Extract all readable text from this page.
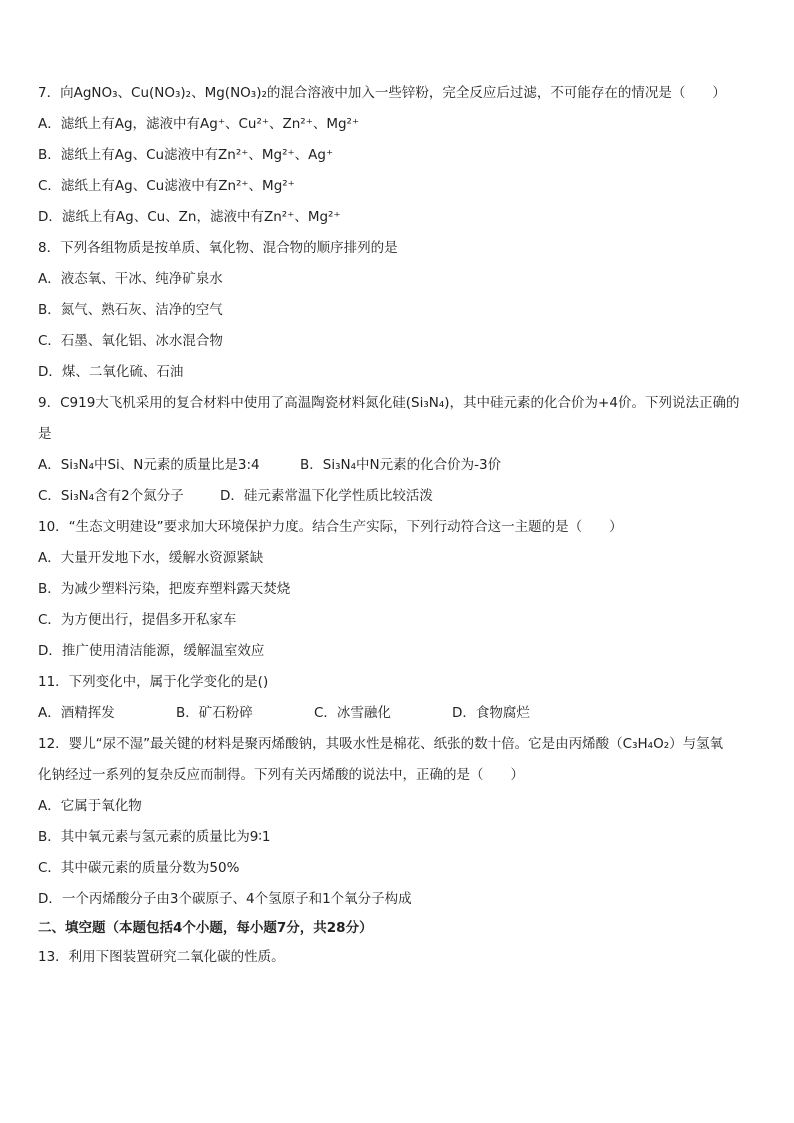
7．向AgNO₃、Cu(NO₃)₂、Mg(NO₃)₂的混合溶液中加入一些锌粉，完全反应后过滤，不可能存在的情况是（　　）
A．滤纸上有Ag，滤液中有Ag⁺、Cu²⁺、Zn²⁺、Mg²⁺
B．滤纸上有Ag、Cu滤液中有Zn²⁺、Mg²⁺、Ag⁺
C．滤纸上有Ag、Cu滤液中有Zn²⁺、Mg²⁺
D．滤纸上有Ag、Cu、Zn，滤液中有Zn²⁺、Mg²⁺
8．下列各组物质是按单质、氧化物、混合物的顺序排列的是
A．液态氧、干冰、纯净矿泉水
B．氮气、熟石灰、洁净的空气
C．石墨、氧化铝、冰水混合物
D．煤、二氧化硫、石油
9．C919大飞机采用的复合材料中使用了高温陶瓷材料氮化硅(Si₃N₄)，其中硅元素的化合价为+4价。下列说法正确的
是
A．Si₃N₄中Si、N元素的质量比是3:4	B．Si₃N₄中N元素的化合价为-3价
C．Si₃N₄含有2个氮分子	D．硅元素常温下化学性质比较活泼
10．“生态文明建设”要求加大环境保护力度。结合生产实际，下列行动符合这一主题的是（　　）
A．大量开发地下水，缓解水资源紧缺
B．为减少塑料污染，把废弃塑料露天焚烧
C．为方便出行，提倡多开私家车
D．推广使用清洁能源，缓解温室效应
11．下列变化中，属于化学变化的是()
A．酒精挥发	B．矿石粉碎	C．冰雪融化	D．食物腐烂
12．婴儿“尿不湿”最关键的材料是聚丙烯酸钠，其吸水性是棉花、纸张的数十倍。它是由丙烯酸（C₃H₄O₂）与氢氧
化钠经过一系列的复杂反应而制得。下列有关丙烯酸的说法中，正确的是（　　）
A．它属于氧化物
B．其中氧元素与氢元素的质量比为9∶1
C．其中碳元素的质量分数为50%
D．一个丙烯酸分子由3个碳原子、4个氢原子和1个氧分子构成
二、填空题（本题包括4个小题，每小题7分，共28分）
13．利用下图装置研究二氧化碳的性质。
